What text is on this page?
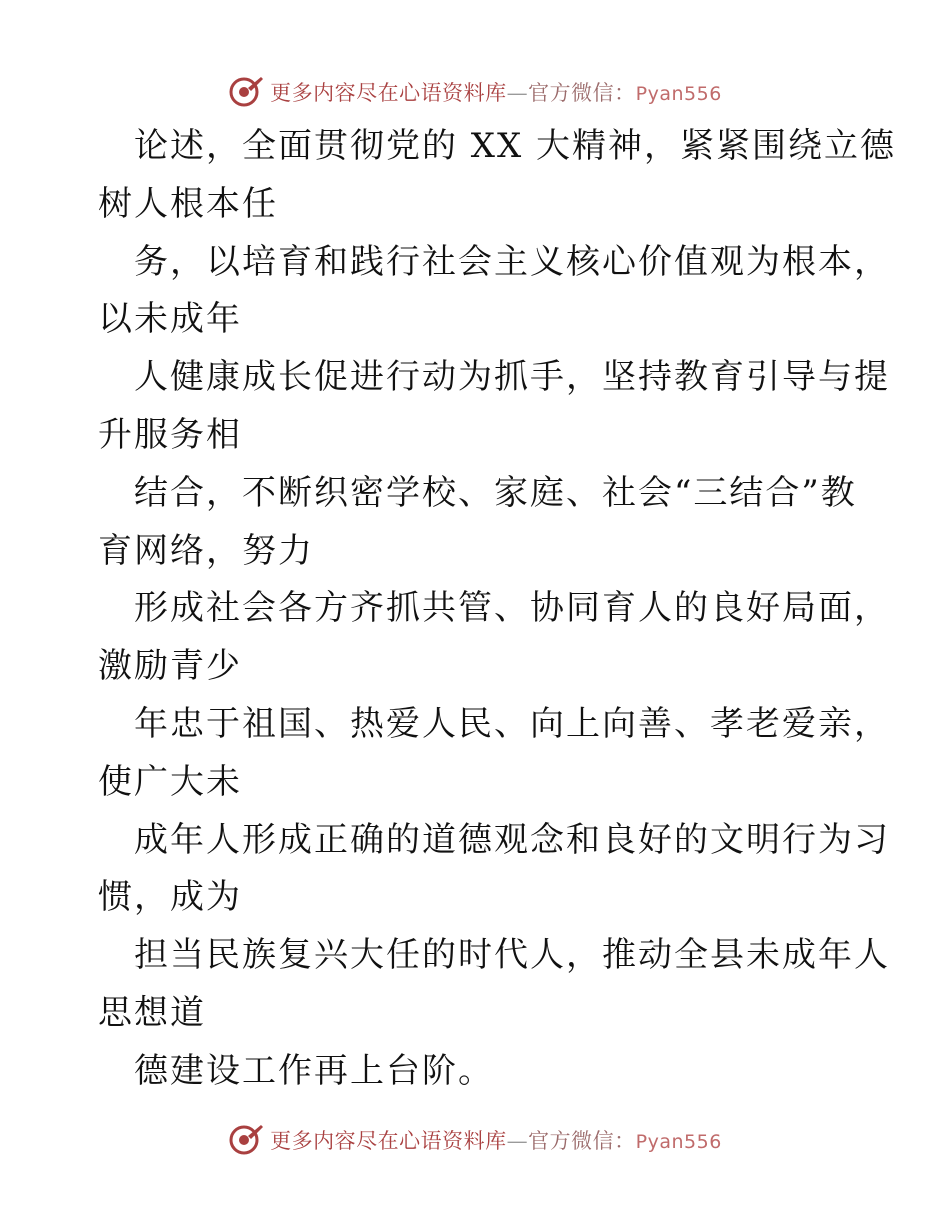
更多内容尽在心语资料库—官方微信：Pyan556
论述，全面贯彻党的 XX 大精神，紧紧围绕立德
树人根本任
务，以培育和践行社会主义核心价值观为根本，
以未成年
人健康成长促进行动为抓手，坚持教育引导与提
升服务相
结合，不断织密学校、家庭、社会“三结合”教
育网络，努力
形成社会各方齐抓共管、协同育人的良好局面，
激励青少
年忠于祖国、热爱人民、向上向善、孝老爱亲，
使广大未
成年人形成正确的道德观念和良好的文明行为习
惯，成为
担当民族复兴大任的时代人，推动全县未成年人
思想道
德建设工作再上台阶。
更多内容尽在心语资料库—官方微信：Pyan556
